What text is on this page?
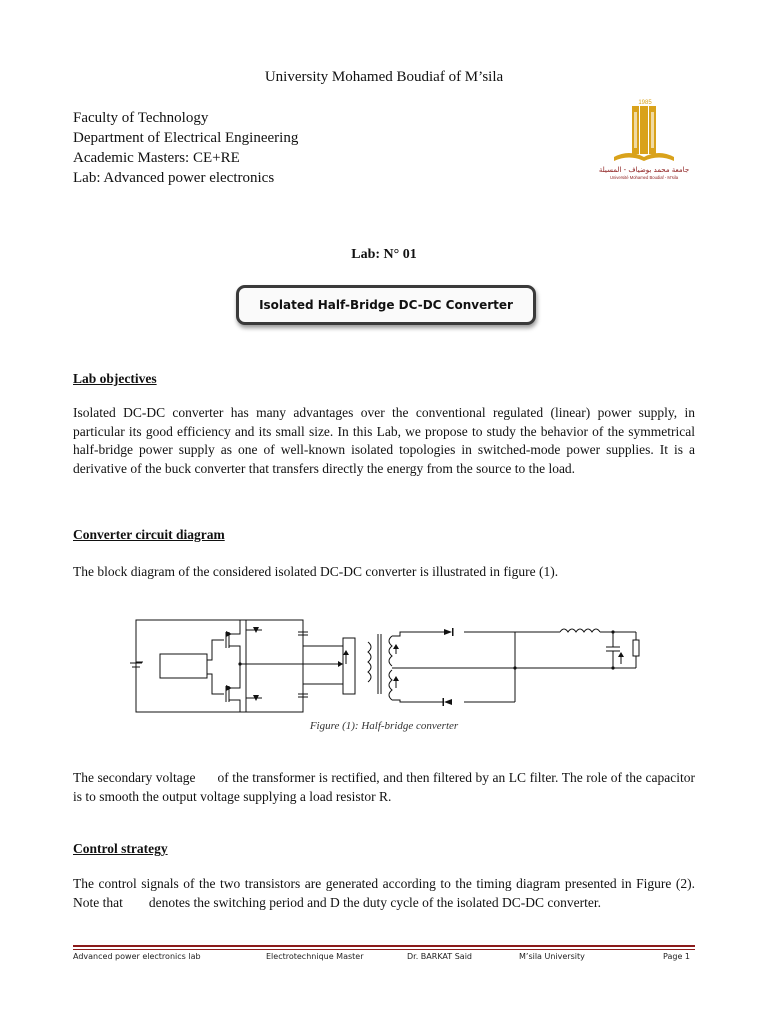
University Mohamed Boudiaf of M’sila
Faculty of Technology
Department of Electrical Engineering
Academic Masters: CE+RE
Lab: Advanced power electronics
1985
جامعة محمد بوضياف - المسيلة
Université Mohamed Boudiaf - M’sila
Lab: N° 01
Isolated Half-Bridge DC-DC Converter
Lab objectives
Isolated DC-DC converter has many advantages over the conventional regulated (linear) power supply, in particular its good efficiency and its small size. In this Lab, we propose to study the behavior of the symmetrical half-bridge power supply as one of well-known isolated topologies in switched-mode power supplies. It is a derivative of the buck converter that transfers directly the energy from the source to the load.
Converter circuit diagram
The block diagram of the considered isolated DC-DC converter is illustrated in figure (1).
Figure (1): Half-bridge converter
The secondary voltage of the transformer is rectified, and then filtered by an LC filter. The role of the capacitor is to smooth the output voltage supplying a load resistor R.
Control strategy
The control signals of the two transistors are generated according to the timing diagram presented in Figure (2). Note that denotes the switching period and D the duty cycle of the isolated DC-DC converter.
Advanced power electronics lab	Electrotechnique Master	Dr. BARKAT Said	M’sila University	Page 1
